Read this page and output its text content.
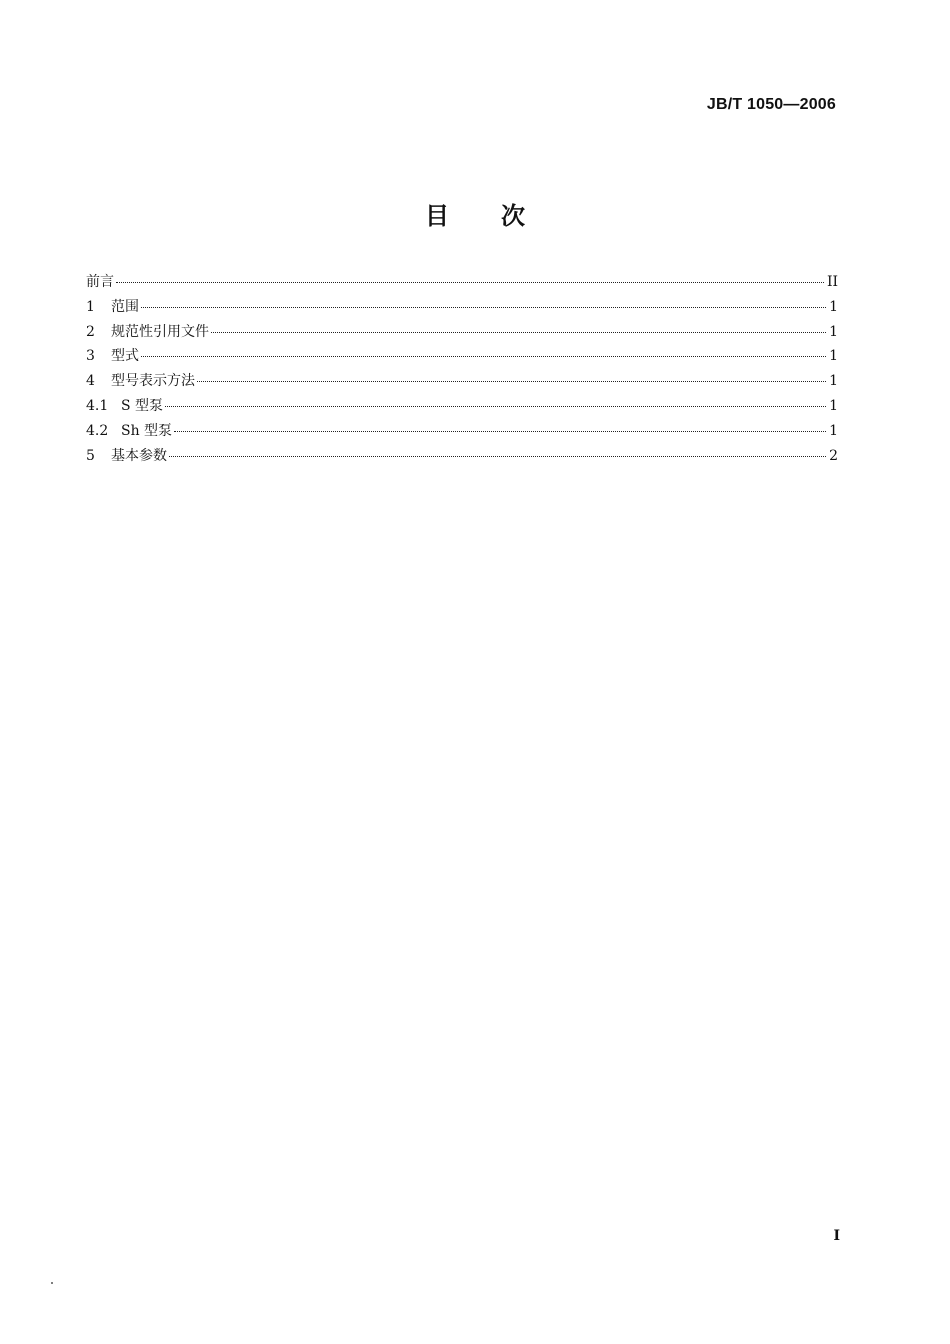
JB/T 1050—2006
目 次
前言	II
1	范围	1
2	规范性引用文件	1
3	型式	1
4	型号表示方法	1
4.1 S 型泵	1
4.2 Sh 型泵	1
5	基本参数	2
I
